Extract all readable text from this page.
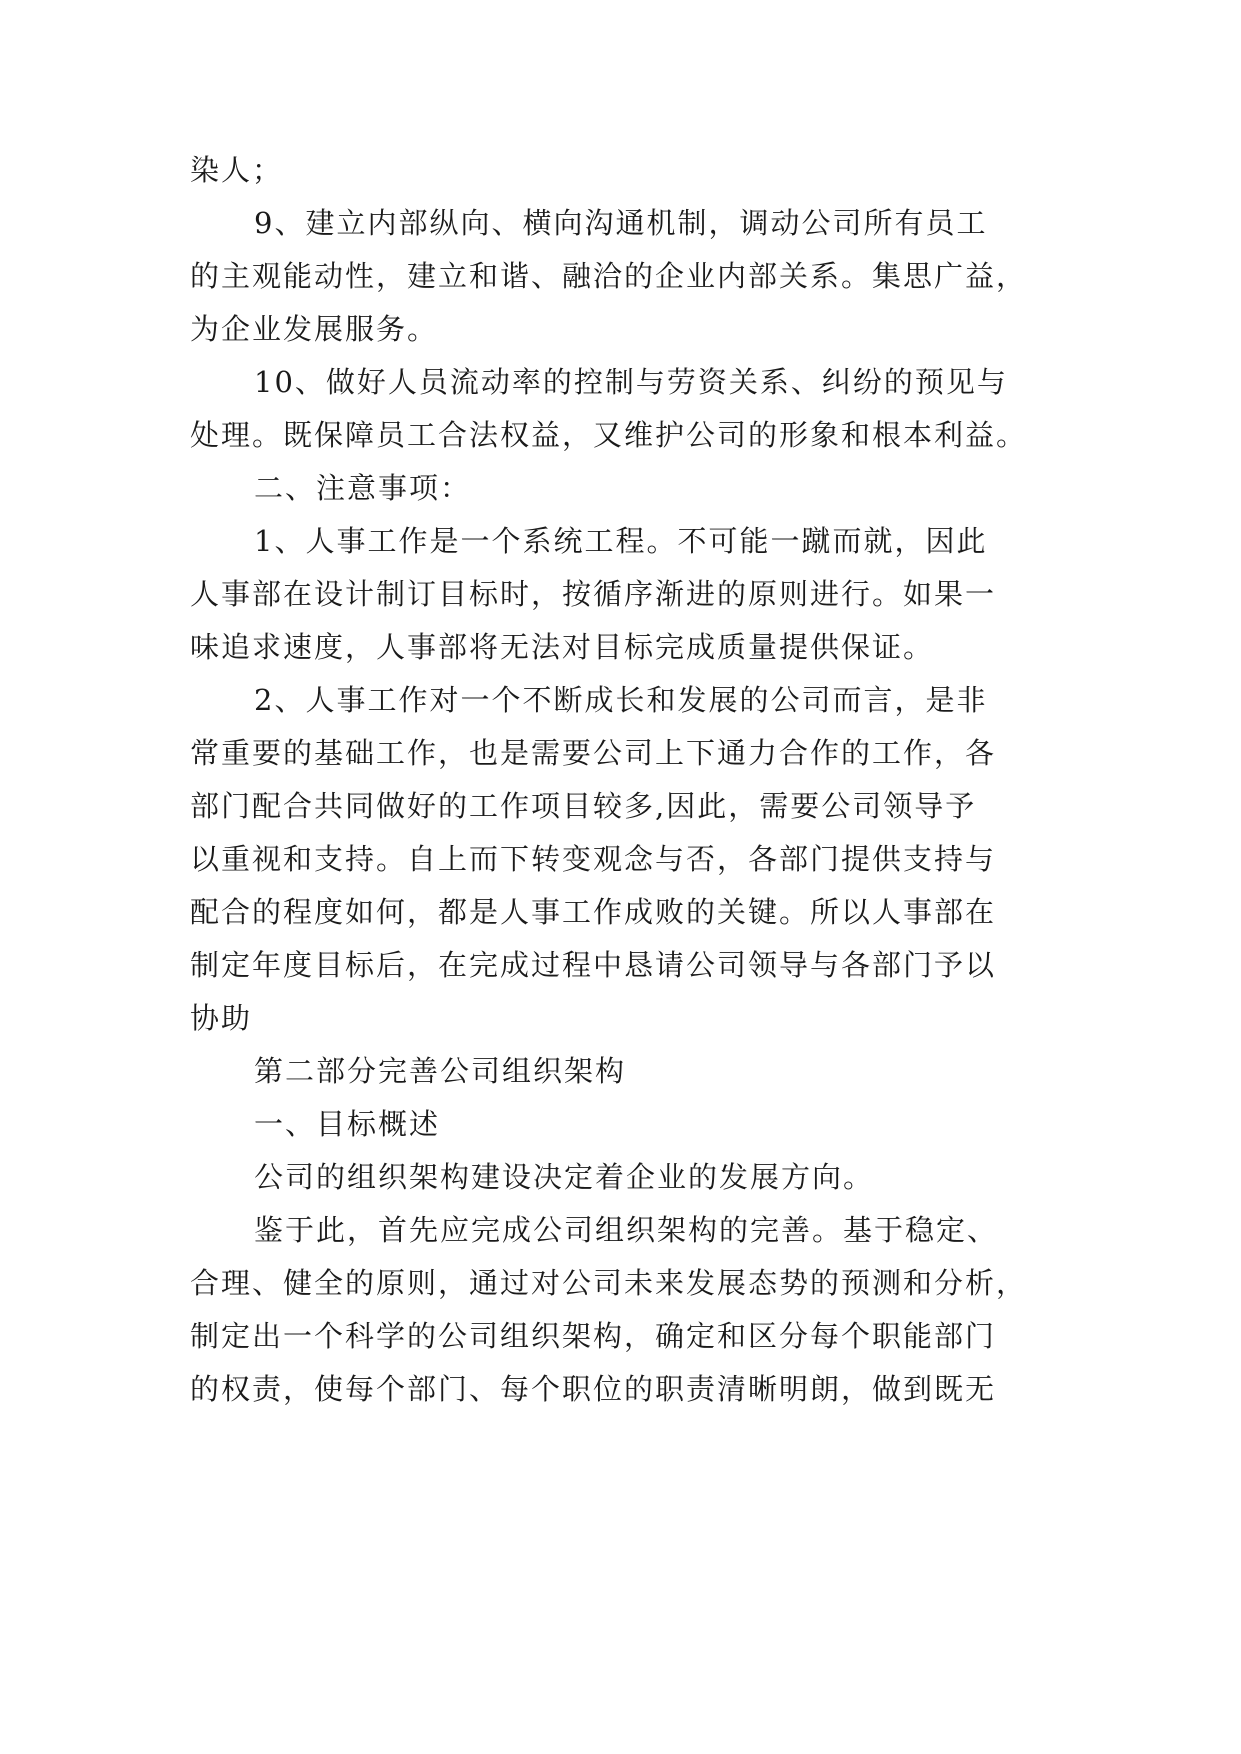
染人；
9、建立内部纵向、横向沟通机制，调动公司所有员工
的主观能动性，建立和谐、融洽的企业内部关系。集思广益，
为企业发展服务。
10、做好人员流动率的控制与劳资关系、纠纷的预见与
处理。既保障员工合法权益，又维护公司的形象和根本利益。
二、注意事项：
1、人事工作是一个系统工程。不可能一蹴而就，因此
人事部在设计制订目标时，按循序渐进的原则进行。如果一
味追求速度，人事部将无法对目标完成质量提供保证。
2、人事工作对一个不断成长和发展的公司而言，是非
常重要的基础工作，也是需要公司上下通力合作的工作，各
部门配合共同做好的工作项目较多,因此，需要公司领导予
以重视和支持。自上而下转变观念与否，各部门提供支持与
配合的程度如何，都是人事工作成败的关键。所以人事部在
制定年度目标后，在完成过程中恳请公司领导与各部门予以
协助
第二部分完善公司组织架构
一、目标概述
公司的组织架构建设决定着企业的发展方向。
鉴于此，首先应完成公司组织架构的完善。基于稳定、
合理、健全的原则，通过对公司未来发展态势的预测和分析，
制定出一个科学的公司组织架构，确定和区分每个职能部门
的权责，使每个部门、每个职位的职责清晰明朗，做到既无
